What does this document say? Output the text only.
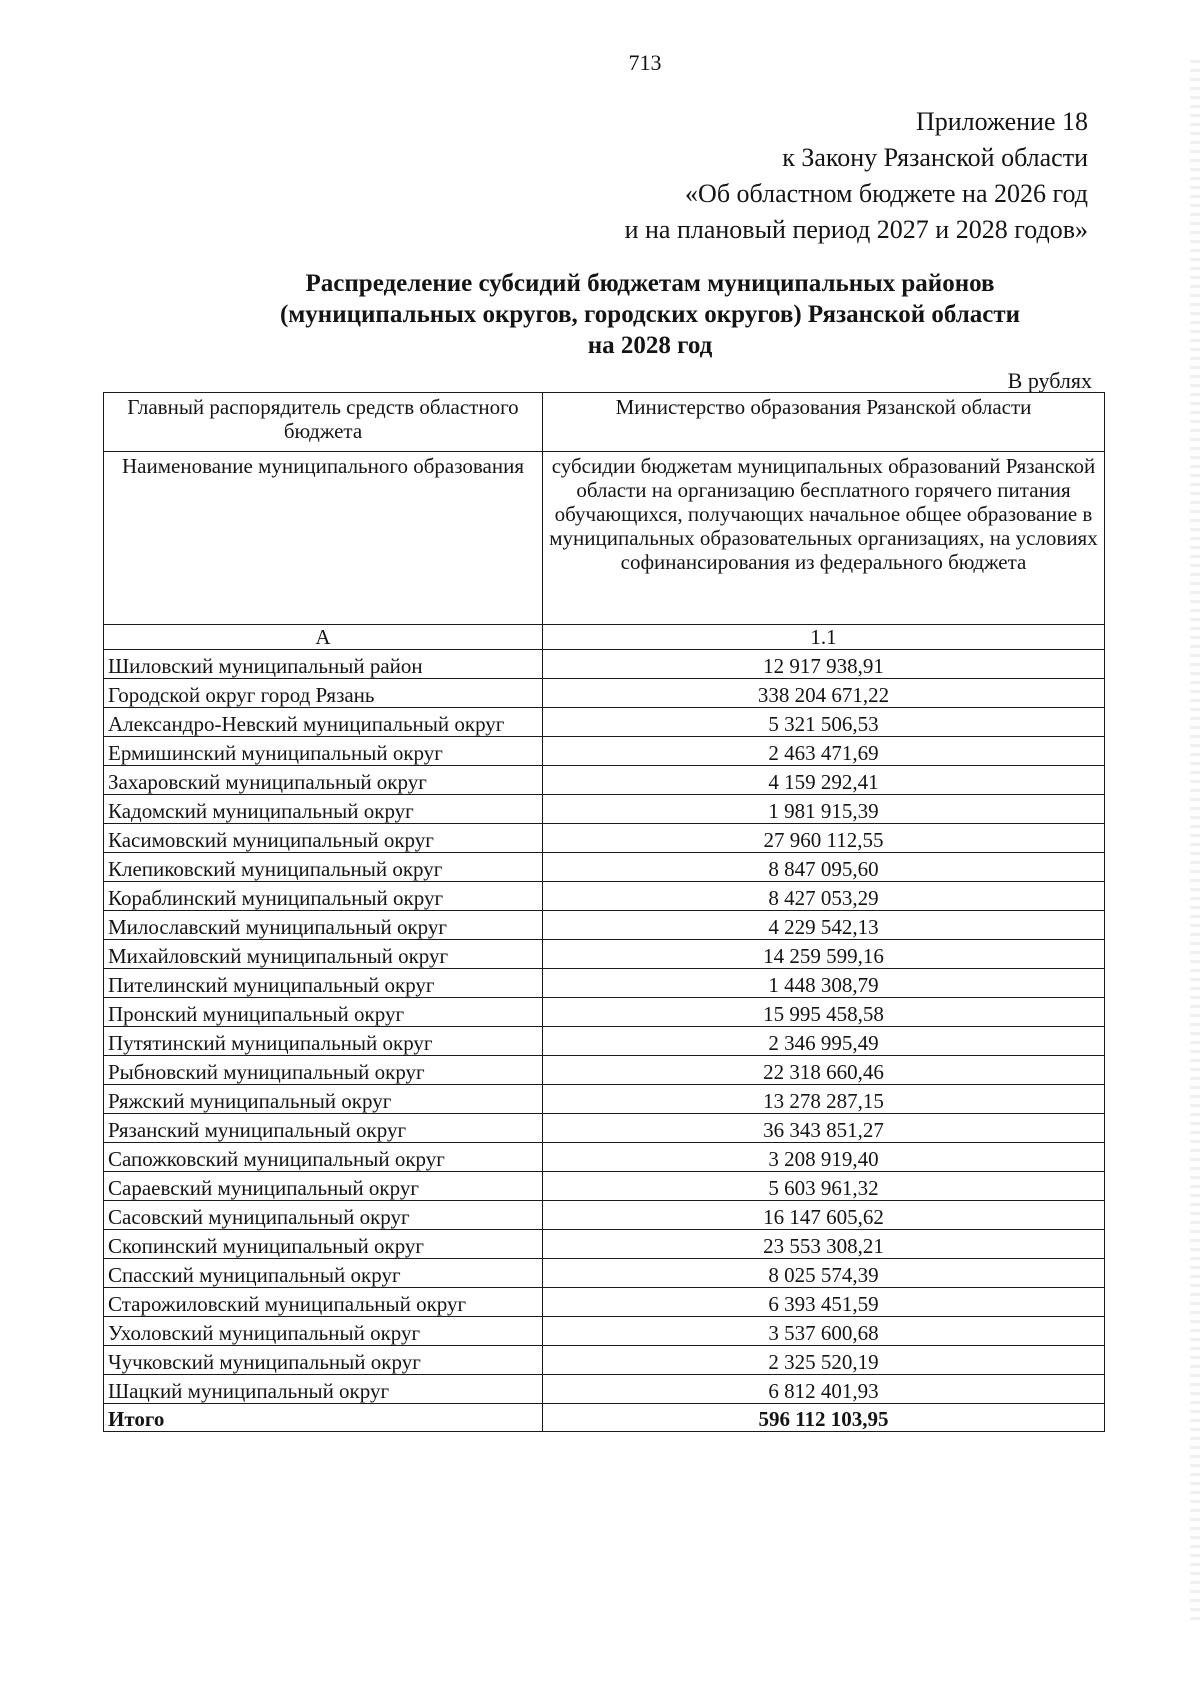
713
Приложение 18
к Закону Рязанской области
«Об областном бюджете на 2026 год
и на плановый период 2027 и 2028 годов»
Распределение субсидий бюджетам муниципальных районов
(муниципальных округов, городских округов) Рязанской области
на 2028 год
В рублях
Главный распорядитель средств областного бюджета	Министерство образования Рязанской области
Наименование муниципального образования	субсидии бюджетам муниципальных образований Рязанской области на организацию бесплатного горячего питания обучающихся, получающих начальное общее образование в муниципальных образовательных организациях, на условиях софинансирования из федерального бюджета
А	1.1
Шиловский муниципальный район	12 917 938,91
Городской округ город Рязань	338 204 671,22
Александро-Невский муниципальный округ	5 321 506,53
Ермишинский муниципальный округ	2 463 471,69
Захаровский муниципальный округ	4 159 292,41
Кадомский муниципальный округ	1 981 915,39
Касимовский муниципальный округ	27 960 112,55
Клепиковский муниципальный округ	8 847 095,60
Кораблинский муниципальный округ	8 427 053,29
Милославский муниципальный округ	4 229 542,13
Михайловский муниципальный округ	14 259 599,16
Пителинский муниципальный округ	1 448 308,79
Пронский муниципальный округ	15 995 458,58
Путятинский муниципальный округ	2 346 995,49
Рыбновский муниципальный округ	22 318 660,46
Ряжский муниципальный округ	13 278 287,15
Рязанский муниципальный округ	36 343 851,27
Сапожковский муниципальный округ	3 208 919,40
Сараевский муниципальный округ	5 603 961,32
Сасовский муниципальный округ	16 147 605,62
Скопинский муниципальный округ	23 553 308,21
Спасский муниципальный округ	8 025 574,39
Старожиловский муниципальный округ	6 393 451,59
Ухоловский муниципальный округ	3 537 600,68
Чучковский муниципальный округ	2 325 520,19
Шацкий муниципальный округ	6 812 401,93
Итого	596 112 103,95
